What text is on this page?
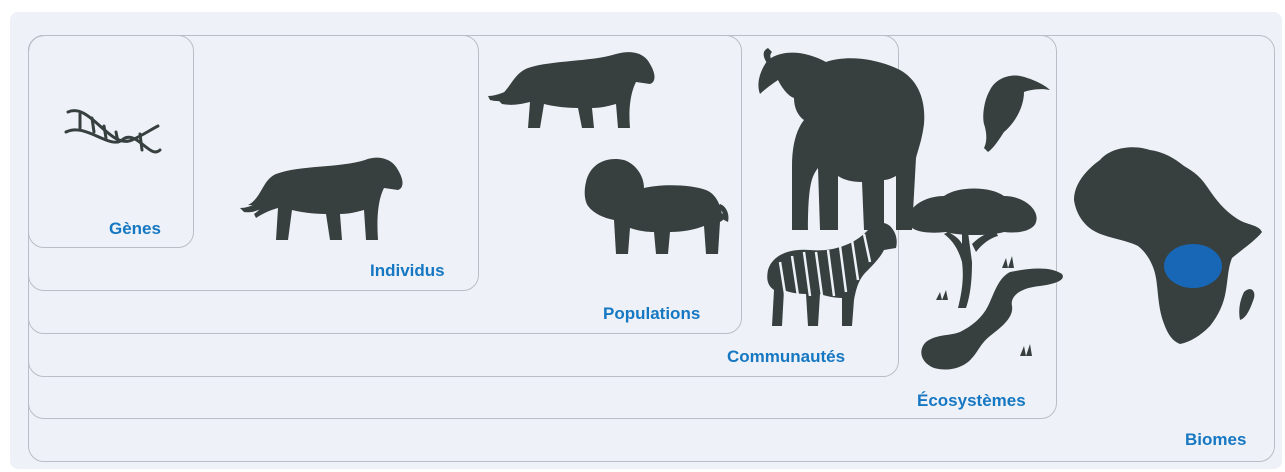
Gènes
Individus
Populations
Communautés
Écosystèmes
Biomes
